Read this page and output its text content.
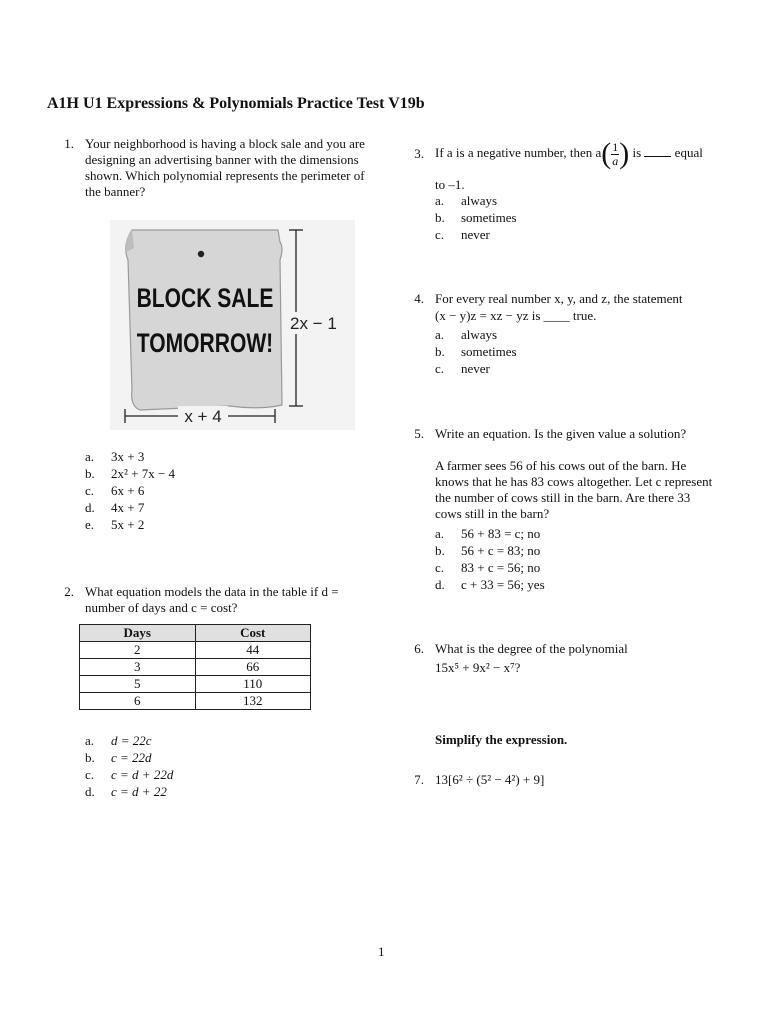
A1H U1 Expressions & Polynomials Practice Test V19b
1. Your neighborhood is having a block sale and you are designing an advertising banner with the dimensions shown. Which polynomial represents the perimeter of the banner?
BLOCK SALE
TOMORROW!
2x − 1
x + 4
a. 3x + 3
b. 2x² + 7x − 4
c. 6x + 6
d. 4x + 7
e. 5x + 2
2. What equation models the data in the table if d = number of days and c = cost?
Days	Cost
2	44
3	66
5	110
6	132
a. d = 22c
b. c = 22d
c. c = d + 22d
d. c = d + 22
3. If a is a negative number, then $a( \frac{1}{a}$ ) is	equal
to –1.
a. always
b. sometimes
c. never
4. For every real number x, y, and z, the statement
(x − y)z = xz − yz is ____ true.
a. always
b. sometimes
c. never
5. Write an equation. Is the given value a solution?
A farmer sees 56 of his cows out of the barn. He knows that he has 83 cows altogether. Let c represent the number of cows still in the barn. Are there 33 cows still in the barn?
a. 56 + 83 = c; no
b. 56 + c = 83; no
c. 83 + c = 56; no
d. c + 33 = 56; yes
6. What is the degree of the polynomial
15x⁵ + 9x² − x⁷?
Simplify the expression.
7. 13[6² ÷ (5² − 4²) + 9]
1
